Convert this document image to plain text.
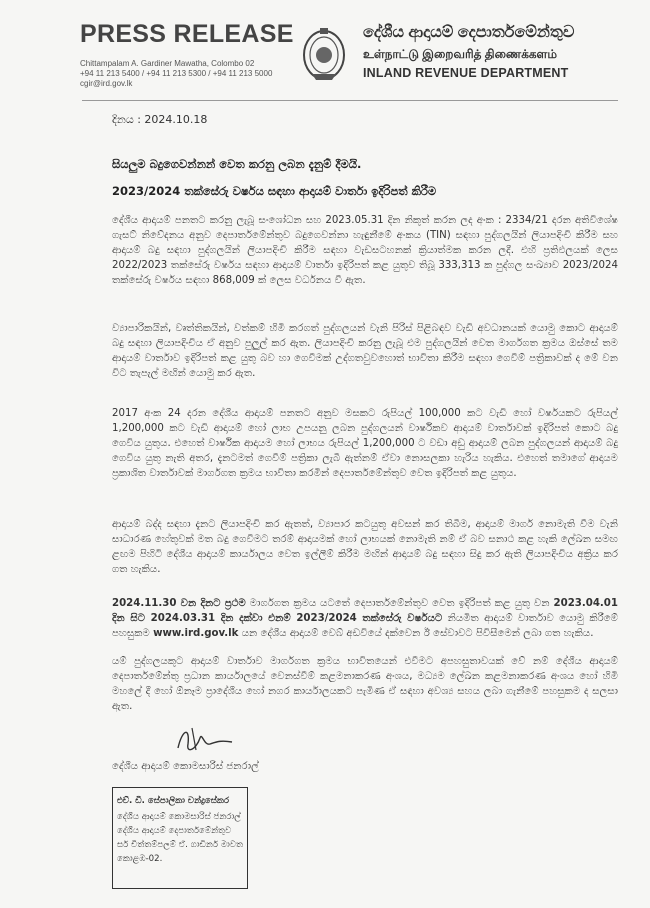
PRESS RELEASE
Chittampalam A. Gardiner Mawatha, Colombo 02
+94 11 213 5400 / +94 11 213 5300 / +94 11 213 5000
cgir@ird.gov.lk
දේශීය ආදායම් දෙපාර්තමේන්තුව
உள்நாட்டு இறைவரித் திணைக்களம்
INLAND REVENUE DEPARTMENT
දිනය : 2024.10.18
සියලුම බදුගෙවන්නන් වෙත කරනු ලබන දැනුම් දීමයි.
2023/2024 තක්සේරු වර්ෂය සඳහා ආදායම් වාර්තා ඉදිරිපත් කිරීම

දේශීය ආදායම් පනතට කරනු ලැබූ සංශෝධන සහ 2023.05.31 දින නිකුත් කරන ලද අංක : 2334/21 දරන අතිවිශේෂ ගැසට් නිවේදනය අනුව දෙපාර්තමේන්තුව බදුගෙවන්නා හැඳුනීමේ අංකය (TIN) සඳහා පුද්ගලයින් ලියාපදිංචි කිරීම සහ ආදායම් බදු සඳහා පුද්ගලයින් ලියාපදිංචි කිරීම සඳහා වැඩසටහනක් ක්‍රියාත්මක කරන ලදී. එහි ප්‍රතිඵලයක් ලෙස 2022/2023 තක්සේරු වර්ෂය සඳහා ආදායම් වාර්තා ඉදිරිපත් කළ යුතුව තිබූ 333,313 ක පුද්ගල සංඛ්‍යාව 2023/2024 තක්සේරු වර්ෂය සඳහා 868,009 ක් ලෙස වර්ධනය වී ඇත.

ව්‍යාපාරිකයින්, වෘත්තිකයින්, වත්කම් හිමි කරගත් පුද්ගලයන් වැනි පිරිස් පිළිබඳව වැඩි අවධානයක් යොමු කොට ආදායම් බදු සඳහා ලියාපදිංචිය ඒ අනුව පුලුල් කර ඇත. ලියාපදිංචි කරනු ලැබූ එම පුද්ගලයින් වෙත මාර්ගගත ක්‍රමය ඔස්සේ තම ආදායම් වාර්තාව ඉදිරිපත් කළ යුතු බව හා ගෙවීමක් උද්ගතවුවහොත් භාවිතා කිරීම සඳහා ගෙවීම් පත්‍රිකාවක් ද මේ වන විට තැපැල් මඟින් යොමු කර ඇත.

2017 අංක 24 දරන දේශීය ආදායම් පනතට අනුව මසකට රුපියල් 100,000 කට වැඩි හෝ වර්ෂයකට රුපියල් 1,200,000 කට වැඩි ආදායම් හෝ ලාභ උපයනු ලබන පුද්ගලයන් වාර්ෂිකව ආදායම් වාර්තාවක් ඉදිරිපත් කොට බදු ගෙවිය යුතුය. එහෙත් වාර්ෂික ආදායම හෝ ලාභය රුපියල් 1,200,000 ට වඩා අඩු ආදායම් ලබන පුද්ගලයන් ආදායම් බදු ගෙවිය යුතු නැති අතර, දැනටමත් ගෙවීම් පත්‍රිකා ලැබී ඇත්නම් ඒවා නොසලකා හැරිය හැකිය. එහෙත් තමාගේ ආදායම ප්‍රකාශිත වාර්තාවක් මාර්ගගත ක්‍රමය භාවිතා කරමින් දෙපාර්තමේන්තුව වෙත ඉදිරිපත් කළ යුතුය.

ආදායම් බද්ද සඳහා දැනට ලියාපදිංචි කර ඇතත්, ව්‍යාපාර කටයුතු අවසන් කර තිබීම, ආදායම් මාර්ග නොමැති වීම වැනි සාධාරණ හේතුවක් මත බදු ගෙවීමට තරම් ආදායමක් හෝ ලාභයක් නොමැති නම් ඒ බව සනාථ කළ හැකි ලේඛන සමඟ ළඟම පිහිටි දේශීය ආදායම් කාර්යාලය වෙත ඉල්ලීම් කිරීම මඟින් ආදායම් බදු සඳහා සිදු කර ඇති ලියාපදිංචිය අක්‍රිය කර ගත හැකිය.

2024.11.30 වන දිනට ප්‍රථම මාර්ගගත ක්‍රමය යටතේ දෙපාර්තමේන්තුව වෙත ඉදිරිපත් කළ යුතු වන 2023.04.01 දින සිට 2024.03.31 දින දක්වා එනම් 2023/2024 තක්සේරු වර්ෂයට නියමිත ආදායම් වාර්තාව යොමු කිරීමේ පහසුකම www.ird.gov.lk යන දේශීය ආදායම් වෙබ් අඩවියේ දක්වෙන ඊ සේවාවට පිවිසීමෙන් ලබා ගත හැකිය.

යම් පුද්ගලයකුට ආදායම් වාර්තාව මාර්ගගත ක්‍රමය භාවිතයෙන් එවීමට අපහසුතාවයක් වේ නම් දේශීය ආදායම් දෙපාර්තමේන්තු ප්‍රධාන කාර්යාලයේ වෙනස්වීම් කළමනාකරණ අංශය, මධ්‍යම ලේඛන කළමනාකරණ අංශය හෝ හිමි මහලේ දී හෝ ඕනෑම ප්‍රාදේශීය හෝ නගර කාර්යාලයකට පැමිණ ඒ සඳහා අවශ්‍ය සහය ලබා ගැනීමේ පහසුකම ද සලසා ඇත.

දේශීය ආදායම් කොමසාරිස් ජනරාල්
එච්. ඩී. සේපාලිකා චන්ද්‍රසේකර
දේශීය ආදායම් කොමසාරිස් ජනරාල්
දේශීය ආදායම් දෙපාර්තමේන්තුව
සර් චිත්තම්පලම් ඒ. ගාඩිනර් මාවත
කොළඹ-02.
